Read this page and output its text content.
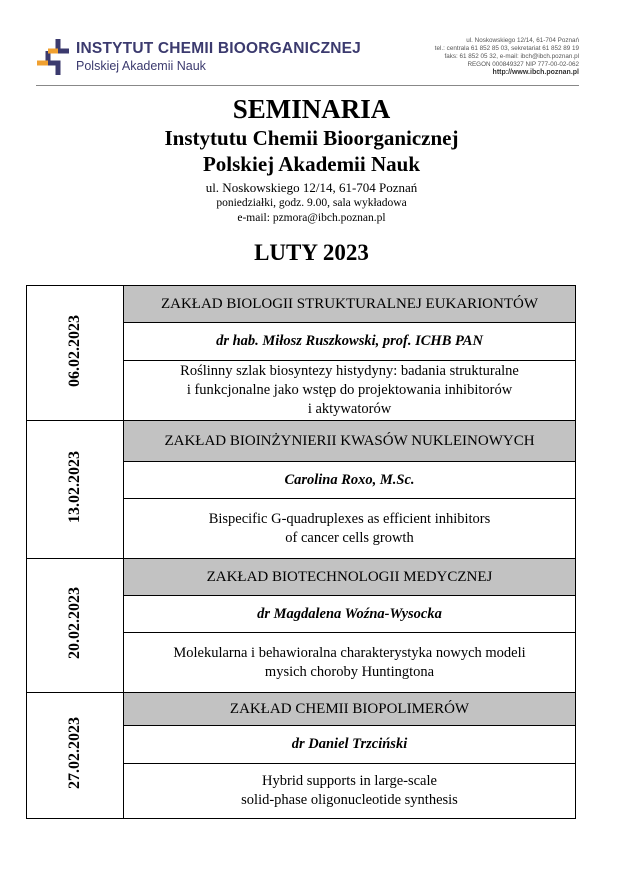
INSTYTUT CHEMII BIOORGANICZNEJ
Polskiej Akademii Nauk
ul. Noskowskiego 12/14, 61-704 Poznań
tel.: centrala 61 852 85 03, sekretariat 61 852 89 19
faks: 61 852 05 32, e-mail: ibch@ibch.poznan.pl
REGON 000849327 NIP 777-00-02-062
http://www.ibch.poznan.pl
SEMINARIA
Instytutu Chemii Bioorganicznej
Polskiej Akademii Nauk
ul. Noskowskiego 12/14, 61-704 Poznań
poniedziałki, godz. 9.00, sala wykładowa
e-mail: pzmora@ibch.poznan.pl
LUTY 2023
06.02.2023	ZAKŁAD BIOLOGII STRUKTURALNEJ EUKARIONTÓW
	dr hab. Miłosz Ruszkowski, prof. ICHB PAN
	Roślinny szlak biosyntezy histydyny: badania strukturalne
i funkcjonalne jako wstęp do projektowania inhibitorów
i aktywatorów
13.02.2023	ZAKŁAD BIOINŻYNIERII KWASÓW NUKLEINOWYCH
	Carolina Roxo, M.Sc.
	Bispecific G-quadruplexes as efficient inhibitors
of cancer cells growth
20.02.2023	ZAKŁAD BIOTECHNOLOGII MEDYCZNEJ
	dr Magdalena Woźna-Wysocka
	Molekularna i behawioralna charakterystyka nowych modeli
mysich choroby Huntingtona
27.02.2023	ZAKŁAD CHEMII BIOPOLIMERÓW
	dr Daniel Trzciński
	Hybrid supports in large-scale
solid-phase oligonucleotide synthesis
